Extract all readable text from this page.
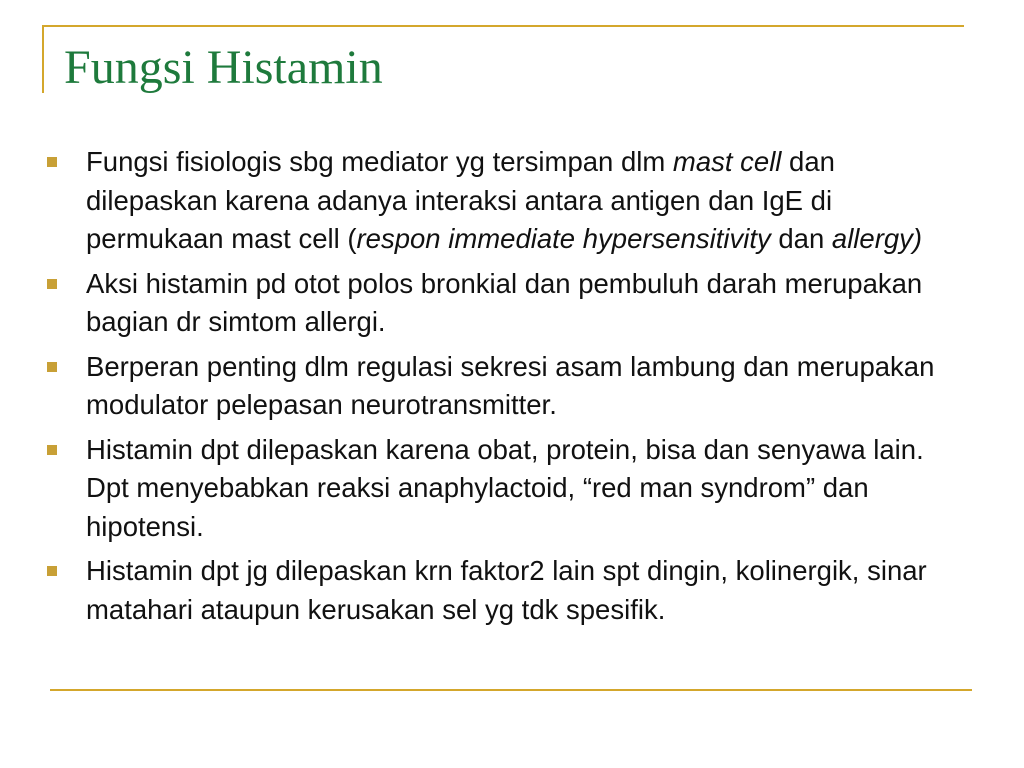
Fungsi Histamin
Fungsi fisiologis sbg mediator yg tersimpan dlm mast cell dan dilepaskan karena adanya interaksi antara antigen dan IgE di permukaan mast cell (respon immediate hypersensitivity dan allergy)
Aksi histamin pd otot polos bronkial dan pembuluh darah merupakan bagian dr simtom allergi.
Berperan penting dlm regulasi sekresi asam lambung dan merupakan modulator pelepasan neurotransmitter.
Histamin dpt dilepaskan karena obat, protein, bisa dan senyawa lain. Dpt menyebabkan reaksi anaphylactoid, “red man syndrom” dan hipotensi.
Histamin dpt jg dilepaskan krn faktor2 lain spt dingin, kolinergik, sinar matahari ataupun kerusakan sel yg tdk spesifik.
